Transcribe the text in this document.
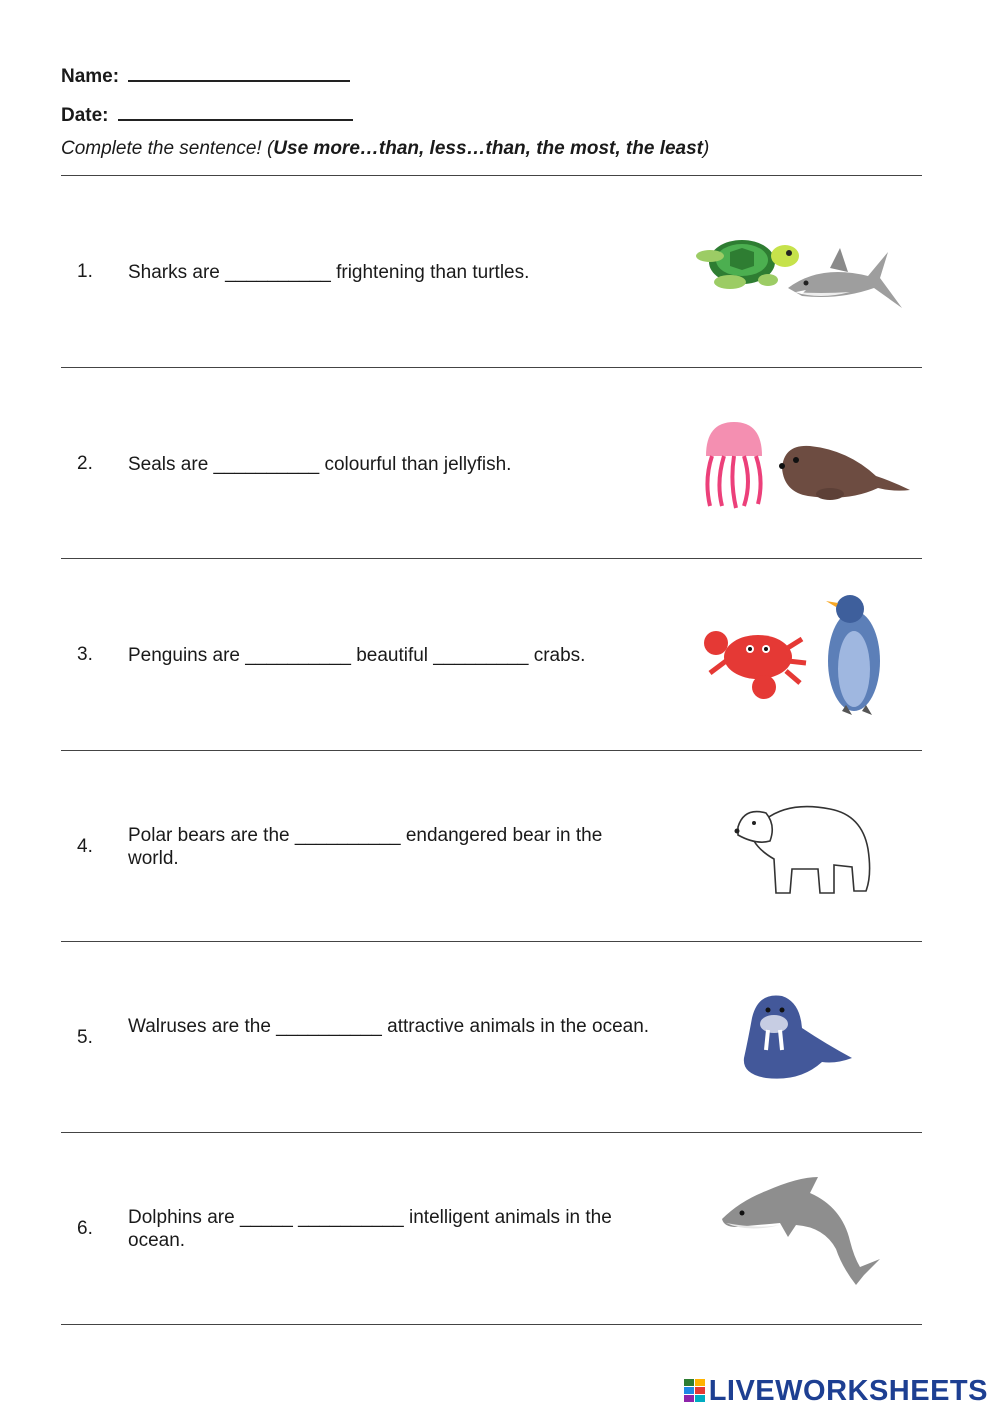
Name:
Date:
Complete the sentence! (Use more…than, less…than, the most, the least)
1. Sharks are __________ frightening than turtles.
2. Seals are __________ colourful than jellyfish.
3. Penguins are __________ beautiful _________ crabs.
4.
Polar bears are the __________ endangered bear in the world.
5.
Walruses are the __________ attractive animals in the ocean.
6.
Dolphins are _____ __________ intelligent animals in the ocean.
LIVEWORKSHEETS
